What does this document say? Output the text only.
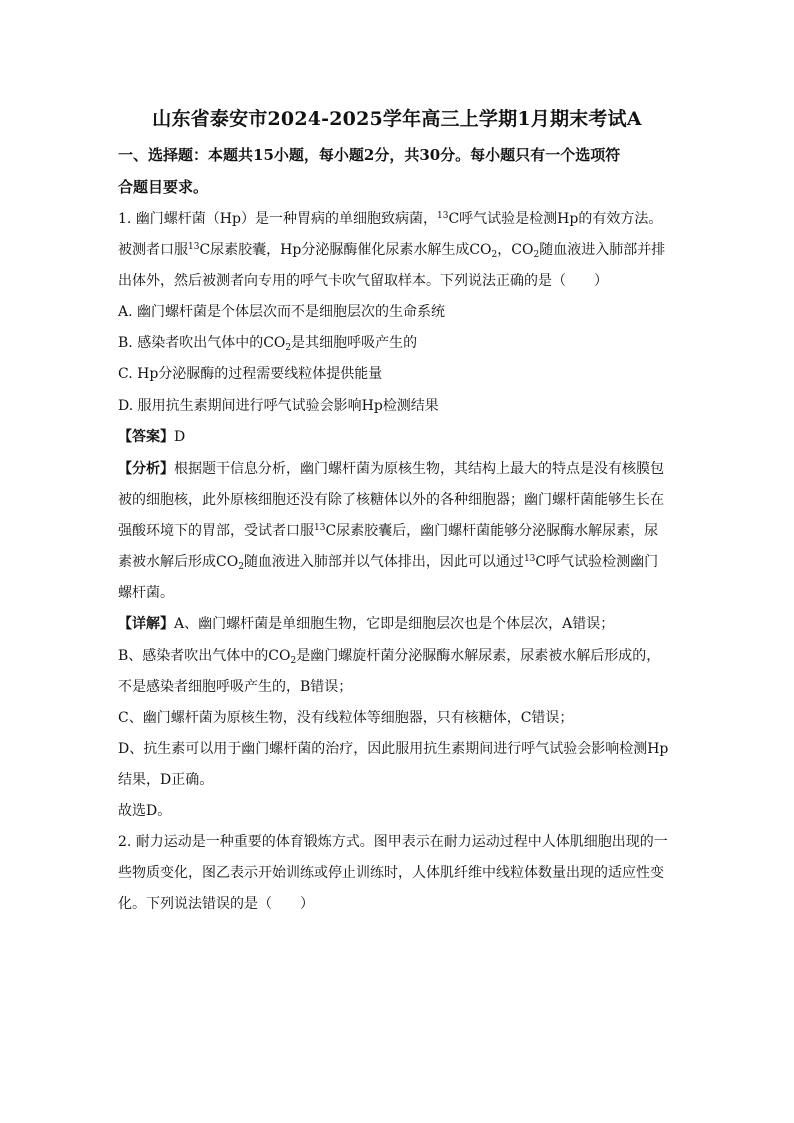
山东省泰安市2024-2025学年高三上学期1月期末考试A
一、选择题：本题共15小题，每小题2分，共30分。每小题只有一个选项符
合题目要求。
1. 幽门螺杆菌（Hp）是一种胃病的单细胞致病菌，$^{13}$C呼气试验是检测Hp的有效方法。
被测者口服$^{13}$C尿素胶囊，Hp分泌脲酶催化尿素水解生成$CO_2$，$CO_2$随血液进入肺部并排
出体外，然后被测者向专用的呼气卡吹气留取样本。下列说法正确的是（　　）
A. 幽门螺杆菌是个体层次而不是细胞层次的生命系统
B. 感染者吹出气体中的$CO_2$是其细胞呼吸产生的
C. Hp分泌脲酶的过程需要线粒体提供能量
D. 服用抗生素期间进行呼气试验会影响Hp检测结果
【答案】D
【分析】根据题干信息分析，幽门螺杆菌为原核生物，其结构上最大的特点是没有核膜包
被的细胞核，此外原核细胞还没有除了核糖体以外的各种细胞器；幽门螺杆菌能够生长在
强酸环境下的胃部，受试者口服$^{13}$C尿素胶囊后，幽门螺杆菌能够分泌脲酶水解尿素，尿
素被水解后形成$CO_2$随血液进入肺部并以气体排出，因此可以通过$^{13}$C呼气试验检测幽门
螺杆菌。
【详解】A、幽门螺杆菌是单细胞生物，它即是细胞层次也是个体层次，A错误；
B、感染者吹出气体中的$CO_2$是幽门螺旋杆菌分泌脲酶水解尿素，尿素被水解后形成的，
不是感染者细胞呼吸产生的，B错误；
C、幽门螺杆菌为原核生物，没有线粒体等细胞器，只有核糖体，C错误；
D、抗生素可以用于幽门螺杆菌的治疗，因此服用抗生素期间进行呼气试验会影响检测Hp
结果，D正确。
故选D。
2. 耐力运动是一种重要的体育锻炼方式。图甲表示在耐力运动过程中人体肌细胞出现的一
些物质变化，图乙表示开始训练或停止训练时，人体肌纤维中线粒体数量出现的适应性变
化。下列说法错误的是（　　）
